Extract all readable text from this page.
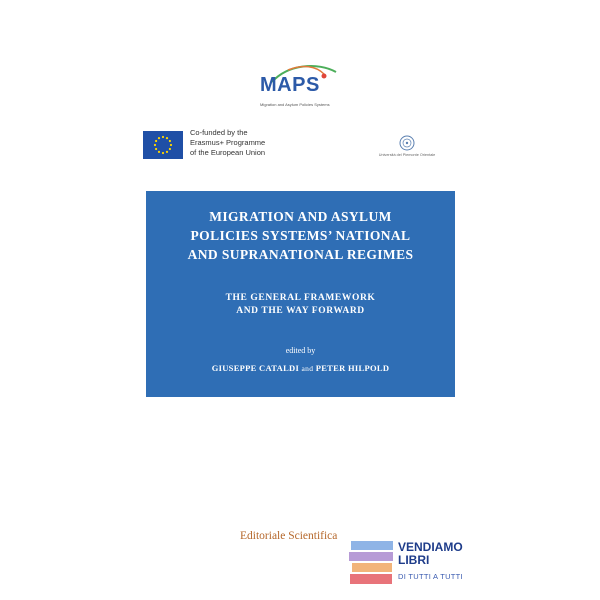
MAPS
Migration and Asylum Policies Systems
Co-funded by the
Erasmus+ Programme
of the European Union	Università del Piemonte Orientale
MIGRATION AND ASYLUM
POLICIES SYSTEMS’ NATIONAL
AND SUPRANATIONAL REGIMES
THE GENERAL FRAMEWORK
AND THE WAY FORWARD
edited by
GIUSEPPE CATALDI and PETER HILPOLD
Editoriale Scientifica
VENDIAMO
LIBRI
DI TUTTI A TUTTI
